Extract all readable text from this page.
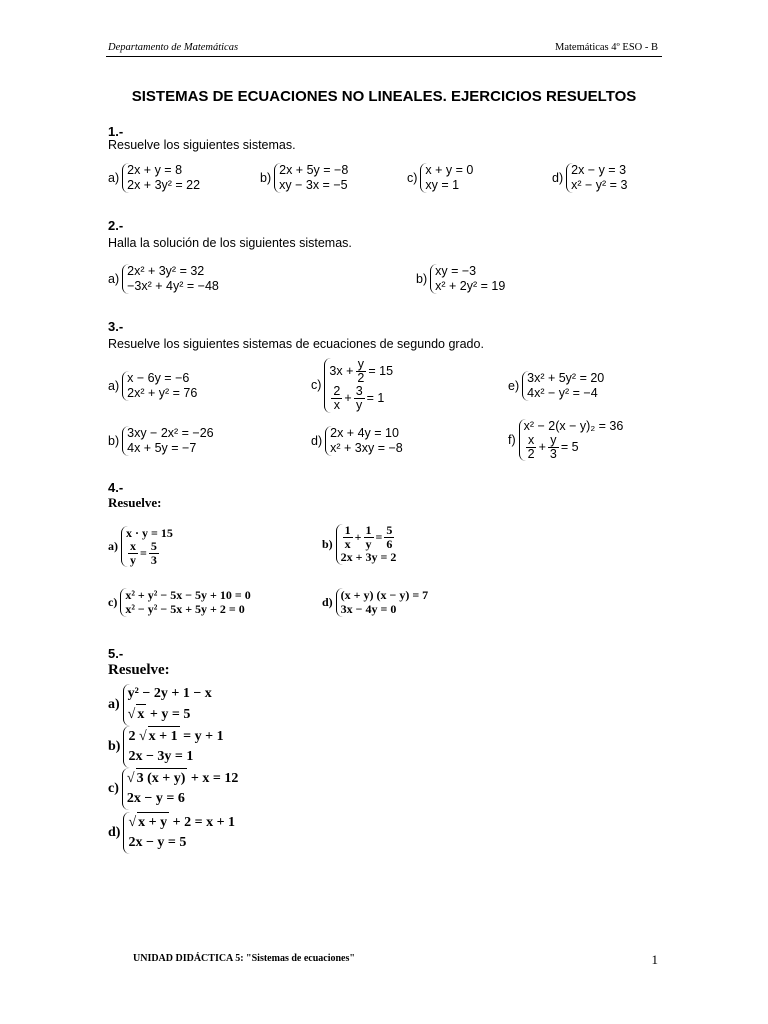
Departamento de Matemáticas	Matemáticas 4º ESO - B
SISTEMAS DE ECUACIONES NO LINEALES. EJERCICIOS RESUELTOS
1.-
Resuelve los siguientes sistemas.
a)
2x + y = 8
2x + 3y² = 22	b)
2x + 5y = −8
xy − 3x = −5	c)
x + y = 0
xy = 1	d)
2x − y = 3
x² − y² = 3
2.-
Halla la solución de los siguientes sistemas.
a)
2x² + 3y² = 32
−3x² + 4y² = −48	b)
xy = −3
x² + 2y² = 19
3.-
Resuelve los siguientes sistemas de ecuaciones de segundo grado.
a)
x − 6y = −6
2x² + y² = 76
c)
$3x + \frac{y}{2} = 15$
$\frac{2}{x} + \frac{3}{y} = 1$
e)
3x² + 5y² = 20
4x² − y² = −4
b)
3xy − 2x² = −26
4x + 5y = −7	d)
2x + 4y = 10
x² + 3xy = −8
f)
x² − 2(x − y)₂ = 36
$\frac{x}{2} + \frac{y}{3} = 5$
4.-
Resuelve:
a)
x · y = 15
$\frac{x}{y} = \frac{5}{3}$	$b) \frac{1}{x} + \frac{1}{y} = \frac{5}{6}$
2x + 3y = 2
c) x² + y² − 5x − 5y + 10 = 0
x² − y² − 5x + 5y + 2 = 0
d) (x + y) (x − y) = 7
3x − 4y = 0
5.-
Resuelve:
a)
y² − 2y + 1 − x
√ x
+ y = 5
b)
2
√ x + 1
= y + 1
2x − 3y = 1
c)
√ 3 (x + y)
+ x = 12
2x − y = 6
d)
√ x + y
+ 2 = x + 1
2x − y = 5
UNIDAD DIDÁCTICA 5: "Sistemas de ecuaciones"	1
